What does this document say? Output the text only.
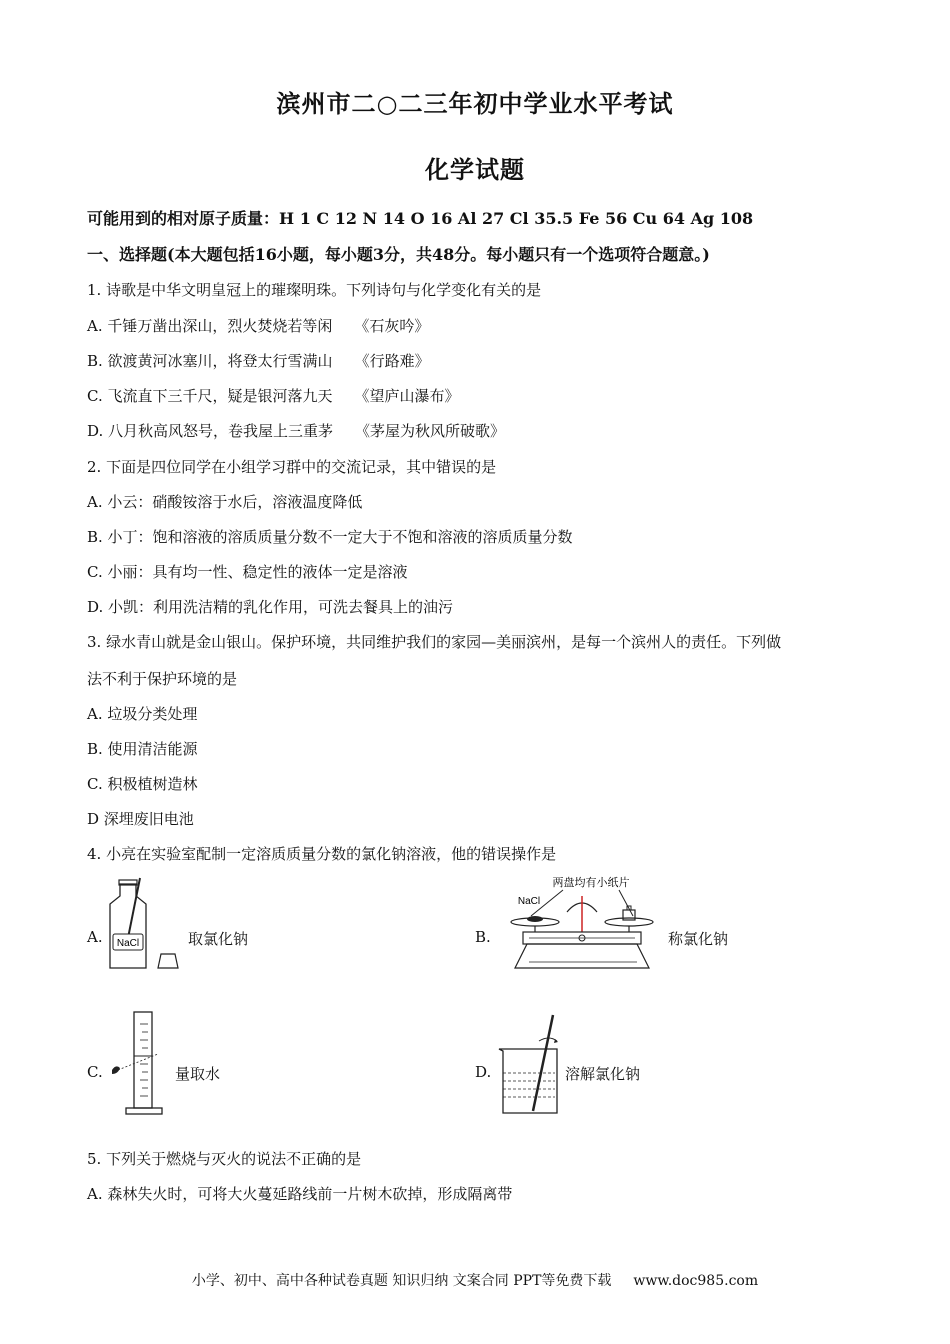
滨州市二○二三年初中学业水平考试
化学试题
可能用到的相对原子质量：H 1 C 12 N 14 O 16 Al 27 Cl 35.5 Fe 56 Cu 64 Ag 108
一、选择题(本大题包括16小题，每小题3分，共48分。每小题只有一个选项符合题意。)
1. 诗歌是中华文明皇冠上的璀璨明珠。下列诗句与化学变化有关的是
A. 千锤万凿出深山，烈火焚烧若等闲 《石灰吟》
B. 欲渡黄河冰塞川，将登太行雪满山 《行路难》
C. 飞流直下三千尺，疑是银河落九天 《望庐山瀑布》
D. 八月秋高风怒号，卷我屋上三重茅 《茅屋为秋风所破歌》
2. 下面是四位同学在小组学习群中的交流记录，其中错误的是
A. 小云：硝酸铵溶于水后，溶液温度降低
B. 小丁：饱和溶液的溶质质量分数不一定大于不饱和溶液的溶质质量分数
C. 小丽：具有均一性、稳定性的液体一定是溶液
D. 小凯：利用洗洁精的乳化作用，可洗去餐具上的油污
3. 绿水青山就是金山银山。保护环境，共同维护我们的家园—美丽滨州，是每一个滨州人的责任。下列做
法不利于保护环境的是
A. 垃圾分类处理
B. 使用清洁能源
C. 积极植树造林
D 深埋废旧电池
4. 小亮在实验室配制一定溶质质量分数的氯化钠溶液，他的错误操作是
A. NaCl	取氯化钠	B.
两盘均有小纸片
NaCl
称氯化钠
C.	量取水	D.	溶解氯化钠
5. 下列关于燃烧与灭火的说法不正确的是
A. 森林失火时，可将大火蔓延路线前一片树木砍掉，形成隔离带
小学、初中、高中各种试卷真题 知识归纳 文案合同 PPT等免费下载 www.doc985.com
